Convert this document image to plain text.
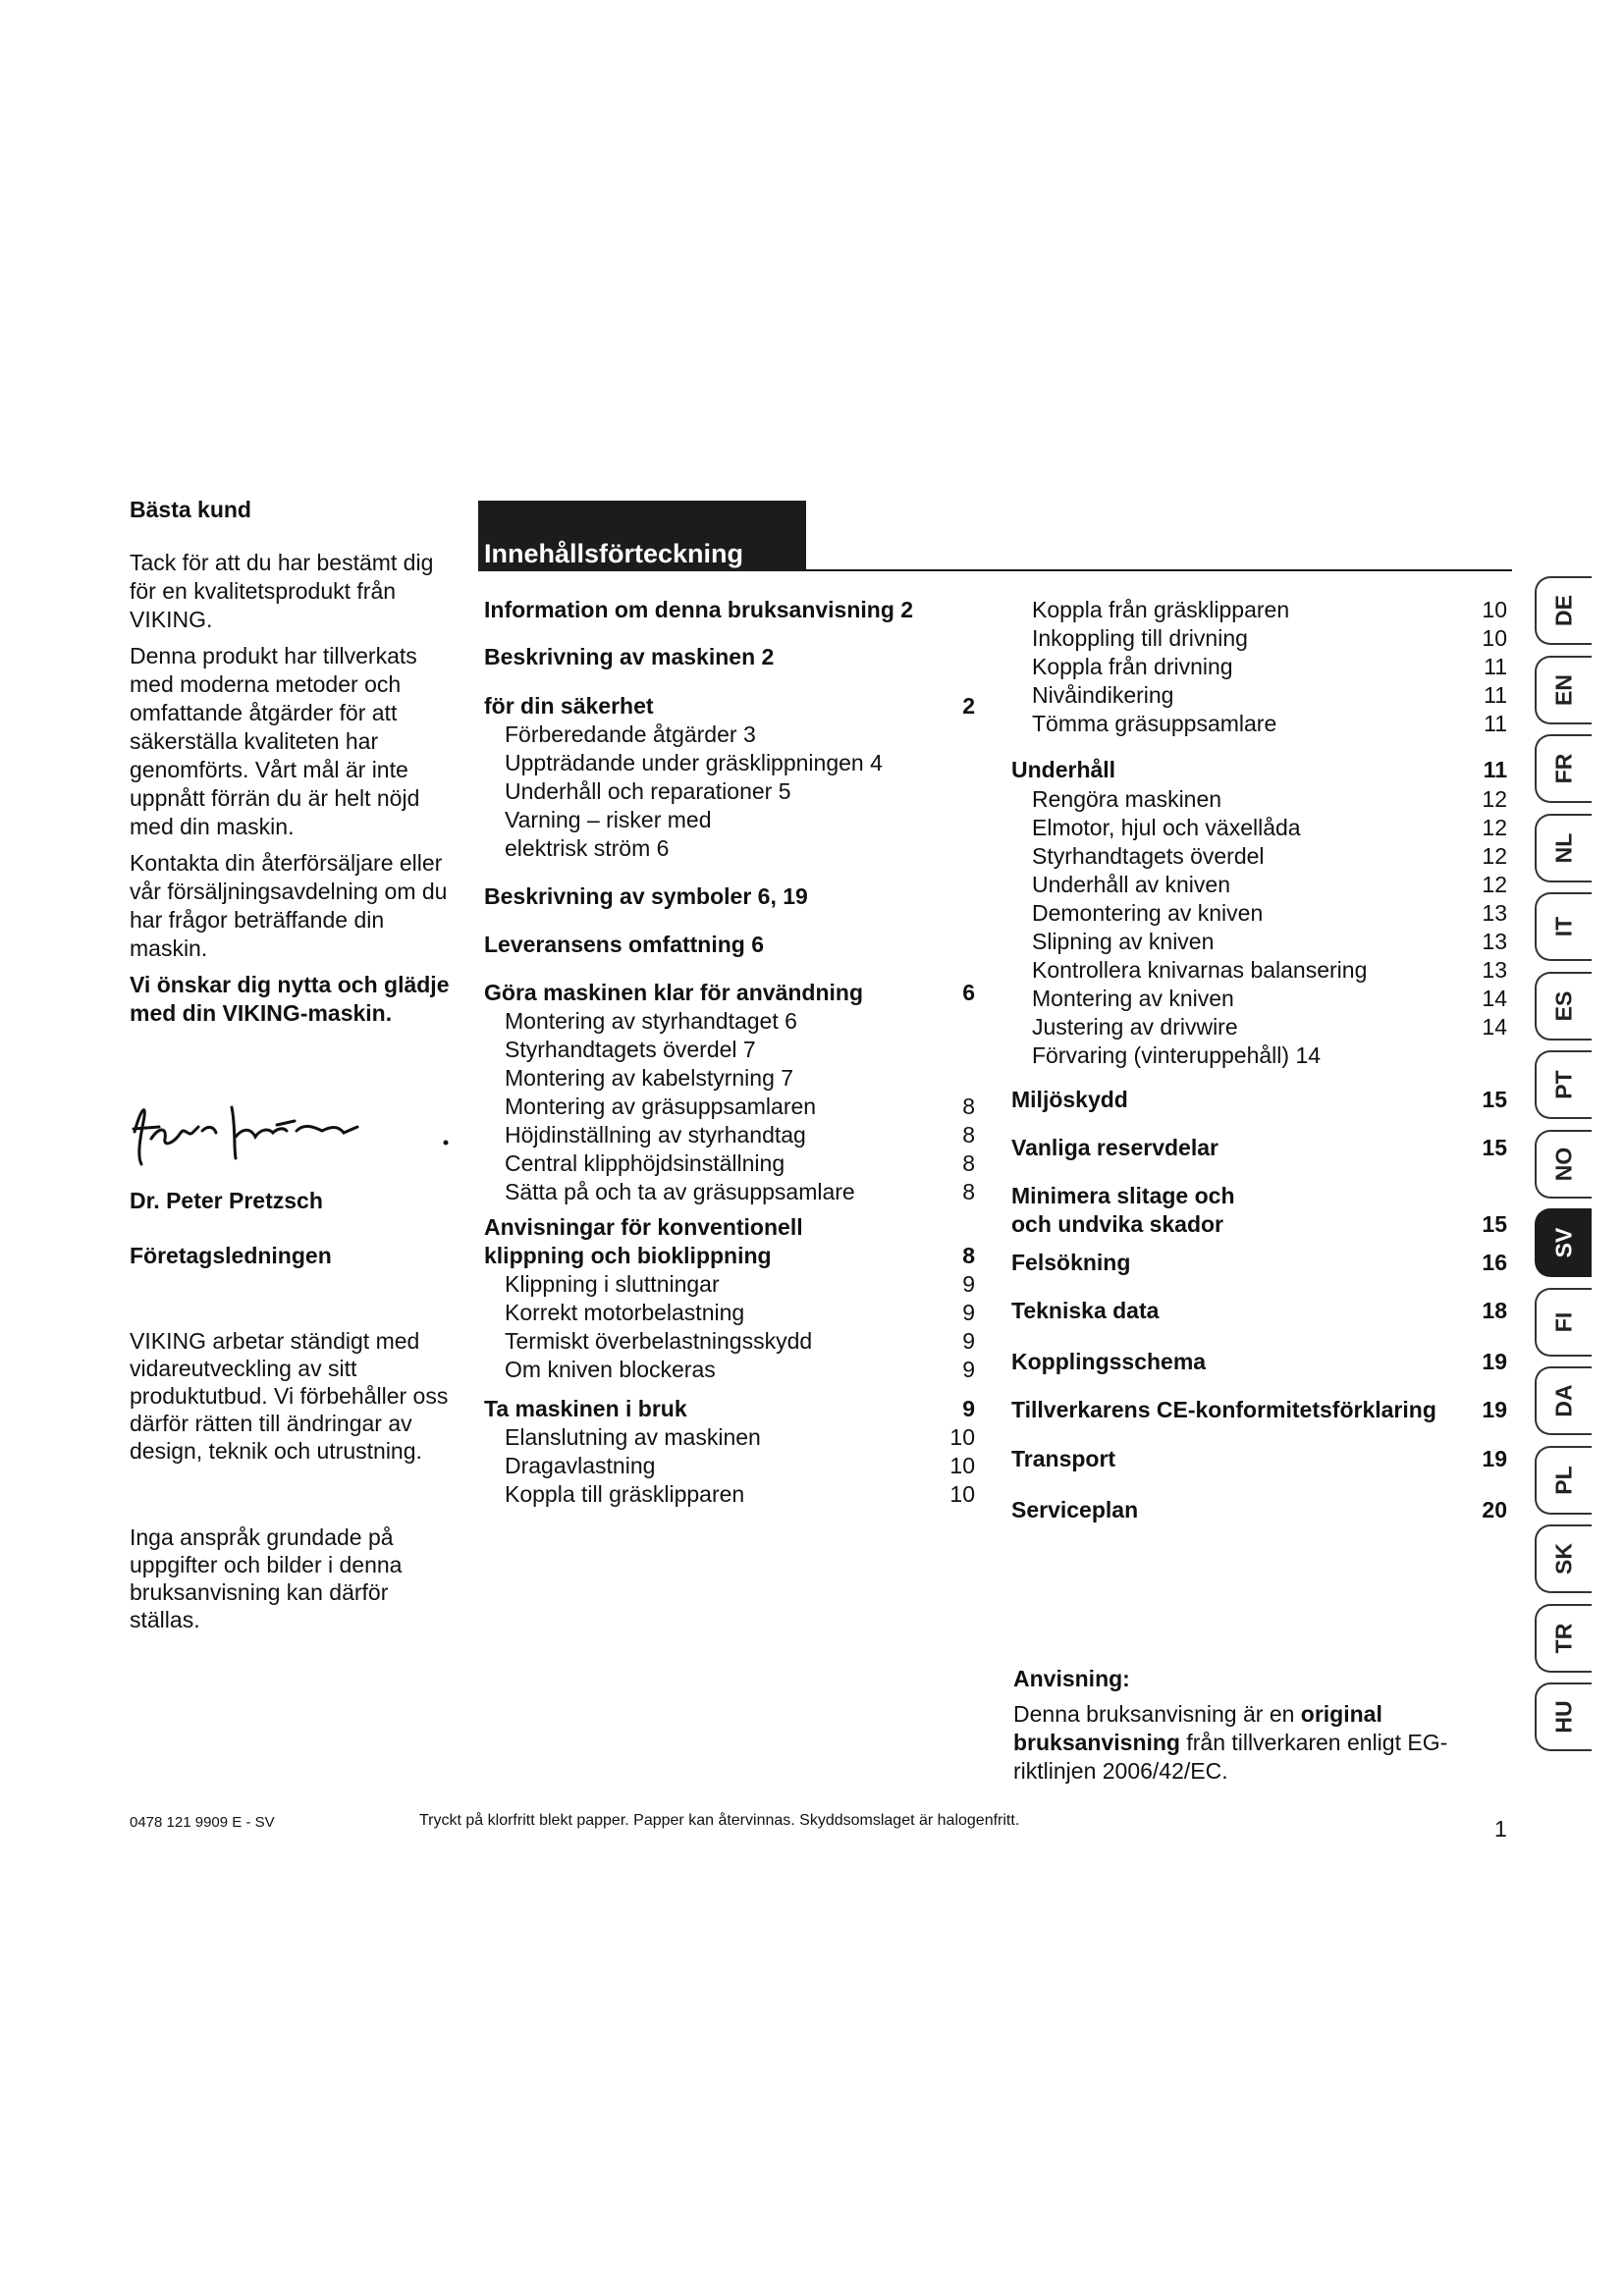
Bästa kund

Tack för att du har bestämt dig för en kvalitetsprodukt från VIKING.

Denna produkt har tillverkats med moderna metoder och omfattande åtgärder för att säkerställa kvaliteten har genomförts. Vårt mål är inte uppnått förrän du är helt nöjd med din maskin.

Kontakta din återförsäljare eller vår försäljningsavdelning om du har frågor beträffande din maskin.

Vi önskar dig nytta och glädje med din VIKING-maskin.

Dr. Peter Pretzsch
Företagsledningen
VIKING arbetar ständigt med vidareutveckling av sitt produktutbud. Vi förbehåller oss därför rätten till ändringar av design, teknik och utrustning.
Inga anspråk grundade på uppgifter och bilder i denna bruksanvisning kan därför ställas.
Innehållsförteckning
Information om denna bruksanvisning 2
Beskrivning av maskinen 2
för din säkerhet	2
Förberedande åtgärder 3
Uppträdande under gräsklippningen 4
Underhåll och reparationer 5
Varning – risker med
elektrisk ström 6
Beskrivning av symboler 6, 19
Leveransens omfattning 6
Göra maskinen klar för användning	6
Montering av styrhandtaget 6
Styrhandtagets överdel 7
Montering av kabelstyrning 7
Montering av gräsuppsamlaren	8
Höjdinställning av styrhandtag	8
Central klipphöjdsinställning	8
Sätta på och ta av gräsuppsamlare	8
Anvisningar för konventionell
klippning och bioklippning	8
Klippning i sluttningar	9
Korrekt motorbelastning	9
Termiskt överbelastningsskydd	9
Om kniven blockeras	9
Ta maskinen i bruk	9
Elanslutning av maskinen	10
Dragavlastning	10
Koppla till gräsklipparen	10
Koppla från gräsklipparen	10
Inkoppling till drivning	10
Koppla från drivning	11
Nivåindikering	11
Tömma gräsuppsamlare	11
Underhåll	11
Rengöra maskinen	12
Elmotor, hjul och växellåda	12
Styrhandtagets överdel	12
Underhåll av kniven	12
Demontering av kniven	13
Slipning av kniven	13
Kontrollera knivarnas balansering	13
Montering av kniven	14
Justering av drivwire	14
Förvaring (vinteruppehåll) 14
Miljöskydd	15
Vanliga reservdelar	15
Minimera slitage och
och undvika skador	15
Felsökning	16
Tekniska data	18
Kopplingsschema	19
Tillverkarens CE-konformitetsförklaring 19
Transport	19
Serviceplan	20
DE
EN
FR
NL
IT
ES
PT
NO
SV
FI
DA
PL
SK
TR
HU
Anvisning:
Denna bruksanvisning är en original bruksanvisning från tillverkaren enligt EG-riktlinjen 2006/42/EC.
0478 121 9909 E - SV	Tryckt på klorfritt blekt papper. Papper kan återvinnas. Skyddsomslaget är halogenfritt.	1
